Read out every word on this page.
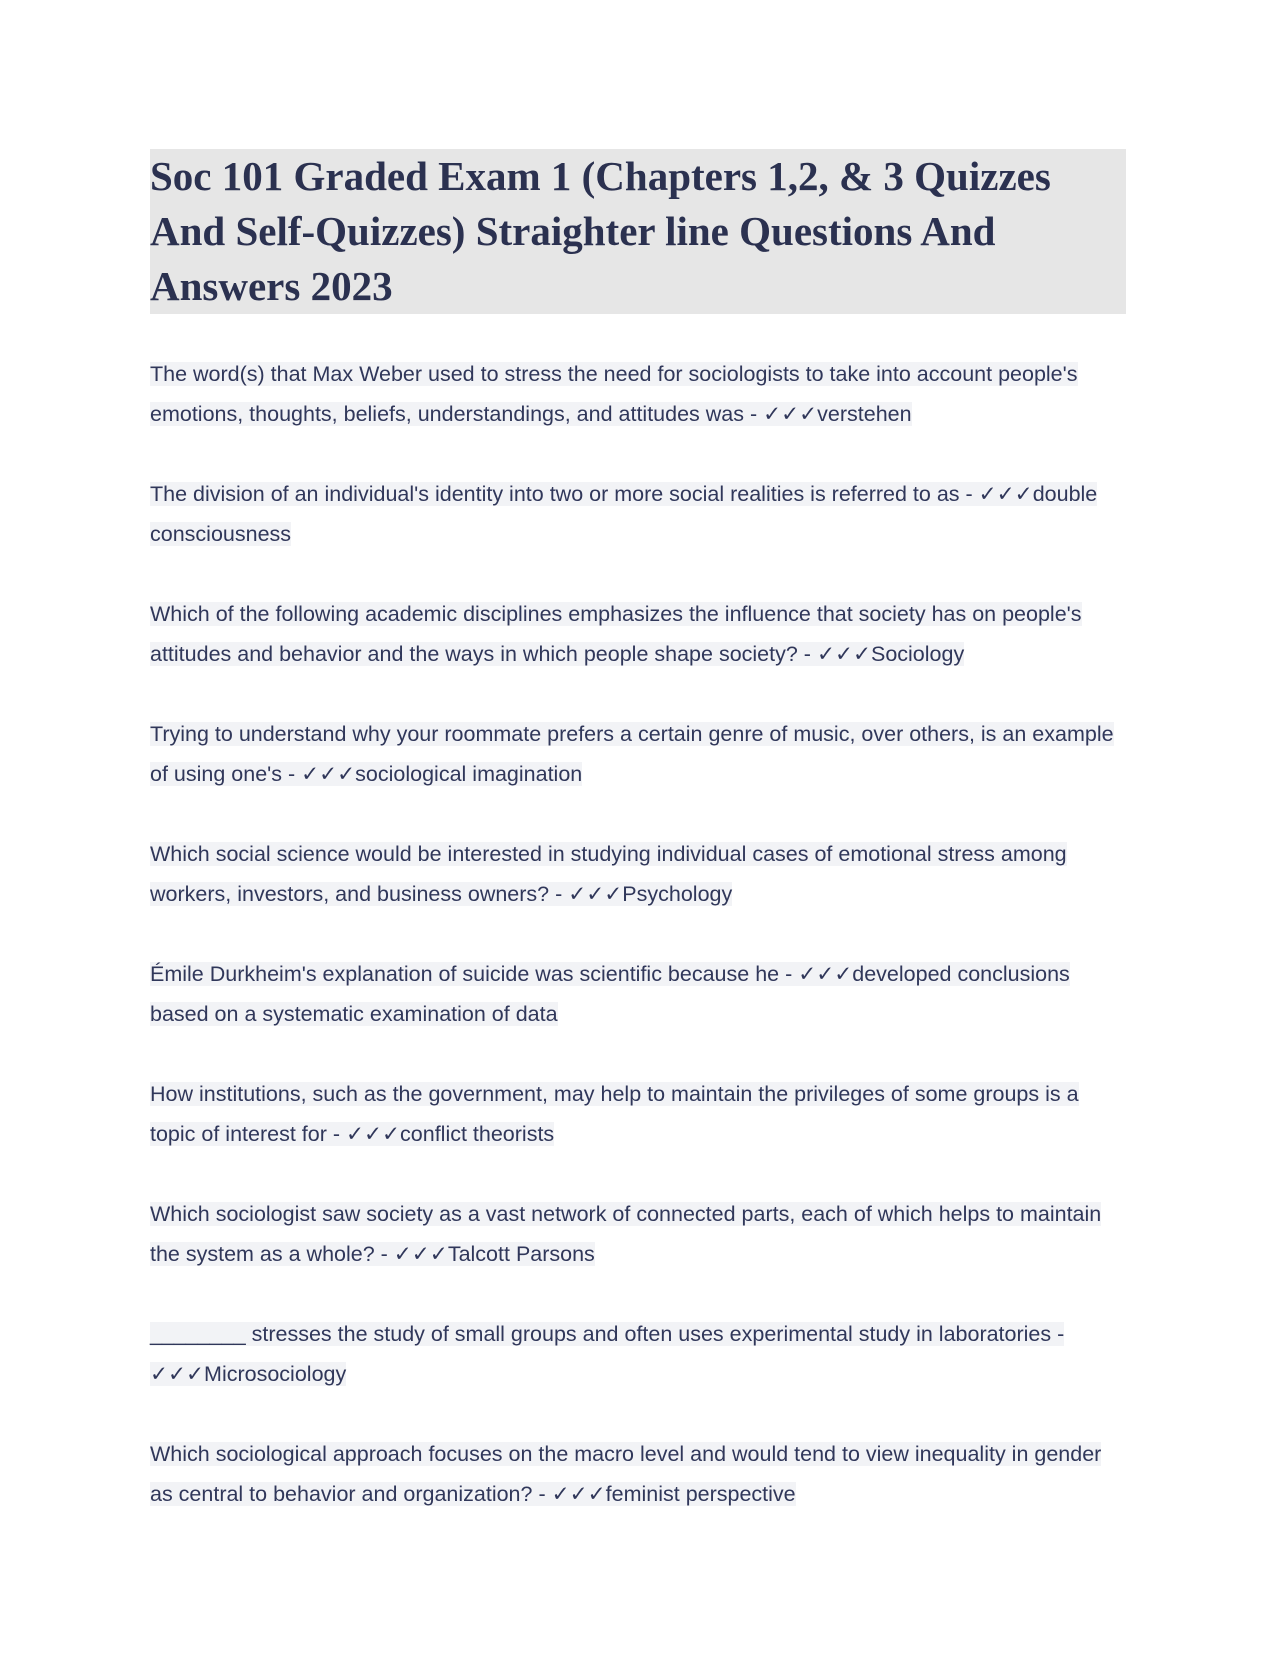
Soc 101 Graded Exam 1 (Chapters 1,2, & 3 Quizzes And Self-Quizzes) Straighter line Questions And Answers 2023

The word(s) that Max Weber used to stress the need for sociologists to take into account people's emotions, thoughts, beliefs, understandings, and attitudes was - ✓✓✓verstehen

The division of an individual's identity into two or more social realities is referred to as - ✓✓✓double consciousness

Which of the following academic disciplines emphasizes the influence that society has on people's attitudes and behavior and the ways in which people shape society? - ✓✓✓Sociology

Trying to understand why your roommate prefers a certain genre of music, over others, is an example of using one's - ✓✓✓sociological imagination

Which social science would be interested in studying individual cases of emotional stress among workers, investors, and business owners? - ✓✓✓Psychology

Émile Durkheim's explanation of suicide was scientific because he - ✓✓✓developed conclusions based on a systematic examination of data

How institutions, such as the government, may help to maintain the privileges of some groups is a topic of interest for - ✓✓✓conflict theorists

Which sociologist saw society as a vast network of connected parts, each of which helps to maintain the system as a whole? - ✓✓✓Talcott Parsons

________ stresses the study of small groups and often uses experimental study in laboratories - ✓✓✓Microsociology

Which sociological approach focuses on the macro level and would tend to view inequality in gender as central to behavior and organization? - ✓✓✓feminist perspective
